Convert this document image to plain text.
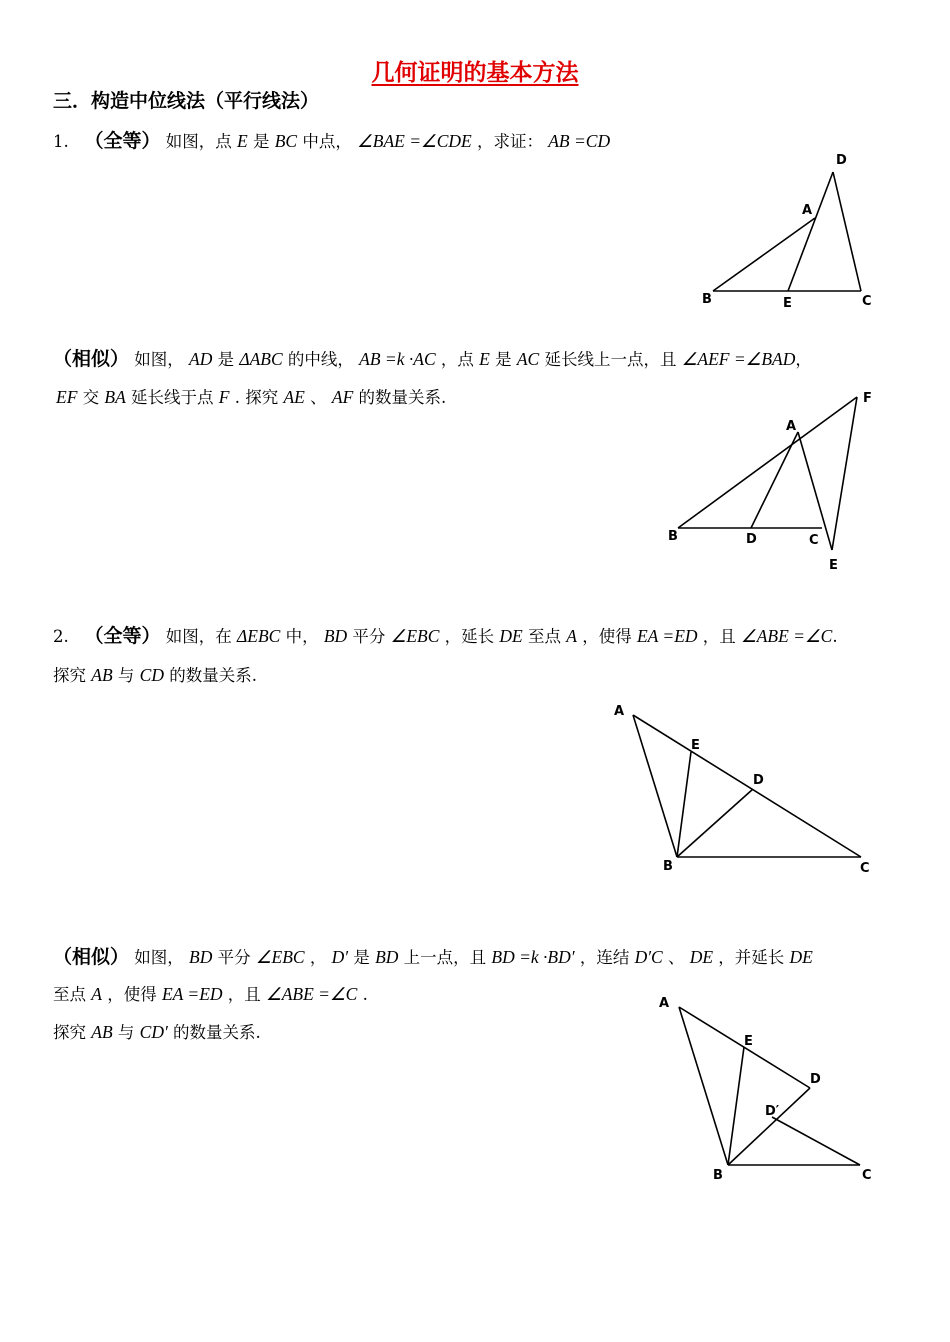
几何证明的基本方法
三．构造中位线法（平行线法）
1. （全等） 如图，点 E 是 BC 中点， ∠BAE =∠CDE ，求证： AB =CD
D
A
B	E	C
（相似） 如图， AD 是 ΔABC 的中线， AB =k ·AC ，点 E 是 AC 延长线上一点，且 ∠AEF =∠BAD，
EF 交 BA 延长线于点 F . 探究 AE 、 AF 的数量关系.	F
A
B	D	C
E
2. （全等） 如图，在 ΔEBC 中， BD 平分 ∠EBC ，延长 DE 至点 A ，使得 EA =ED ，且 ∠ABE =∠C.
探究 AB 与 CD 的数量关系.
A
E
D
B	C
（相似） 如图， BD 平分 ∠EBC ， D′ 是 BD 上一点，且 BD =k ·BD′ ，连结 D′C 、 DE ，并延长 DE
至点 A ，使得 EA =ED ，且 ∠ABE =∠C .
探究 AB 与 CD′ 的数量关系.
A
E
D
D′
B	C
